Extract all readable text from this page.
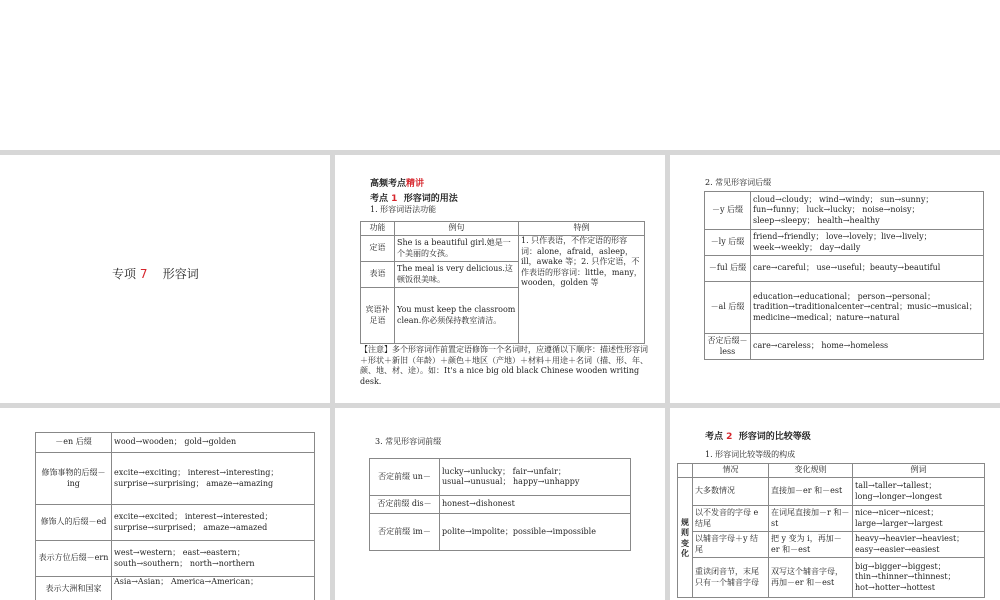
专项 7 形容词
高频考点精讲
考点 1 形容词的用法
1. 形容词语法功能
功能	例句	特例
定语	She is a beautiful girl.她是一个美丽的女孩。	1. 只作表语，不作定语的形容词：alone，afraid，asleep，ill，awake 等；2. 只作定语，不作表语的形容词：little，many，wooden，golden 等
表语	The meal is very delicious.这顿饭很美味。	
宾语补足语	You must keep the classroom clean.你必须保持教室清洁。	
【注意】多个形容词作前置定语修饰一个名词时，应遵循以下顺序：描述性形容词＋形状＋新旧（年龄）＋颜色＋地区（产地）＋材料＋用途＋名词（描、形、年、颜、地、材、途）。如：It's a nice big old black Chinese wooden writing desk.
2. 常见形容词后缀
－y 后缀	cloud→cloudy； wind→windy； sun→sunny；fun→funny； luck→lucky； noise→noisy；sleep→sleepy； health→healthy
－ly 后缀	friend→friendly； love→lovely；live→lively； week→weekly； day→daily
－ful 后缀	care→careful； use→useful；beauty→beautiful
－al 后缀	education→educational； person→personal；tradition→traditionalcenter→central；music→musical； medicine→medical；nature→natural
否定后缀－less	care→careless； home→homeless
－en 后缀	wood→wooden； gold→golden
修饰事物的后缀－ing	excite→exciting； interest→interesting；surprise→surprising； amaze→amazing
修饰人的后缀－ed	excite→excited； interest→interested；surprise→surprised； amaze→amazed
表示方位后缀－ern	west→western； east→eastern；south→southern； north→northern
表示大洲和国家	Asia→Asian； America→American；
3. 常见形容词前缀
否定前缀 un－	lucky→unlucky； fair→unfair；usual→unusual； happy→unhappy
否定前缀 dis－	honest→dishonest
否定前缀 im－	polite→impolite；possible→impossible
考点 2 形容词的比较等级
1. 形容词比较等级的构成
	情况	变化规则	例词
规则变化	大多数情况	直接加－er 和－est	tall→taller→tallest；long→longer→longest
	以不发音的字母 e 结尾	在词尾直接加－r 和－st	nice→nicer→nicest；large→larger→largest
	以辅音字母＋y 结尾	把 y 变为 i，再加－er 和－est	heavy→heavier→heaviest；easy→easier→easiest
	重读闭音节，末尾只有一个辅音字母	双写这个辅音字母，再加－er 和－est	big→bigger→biggest；thin→thinner→thinnest；hot→hotter→hottest
